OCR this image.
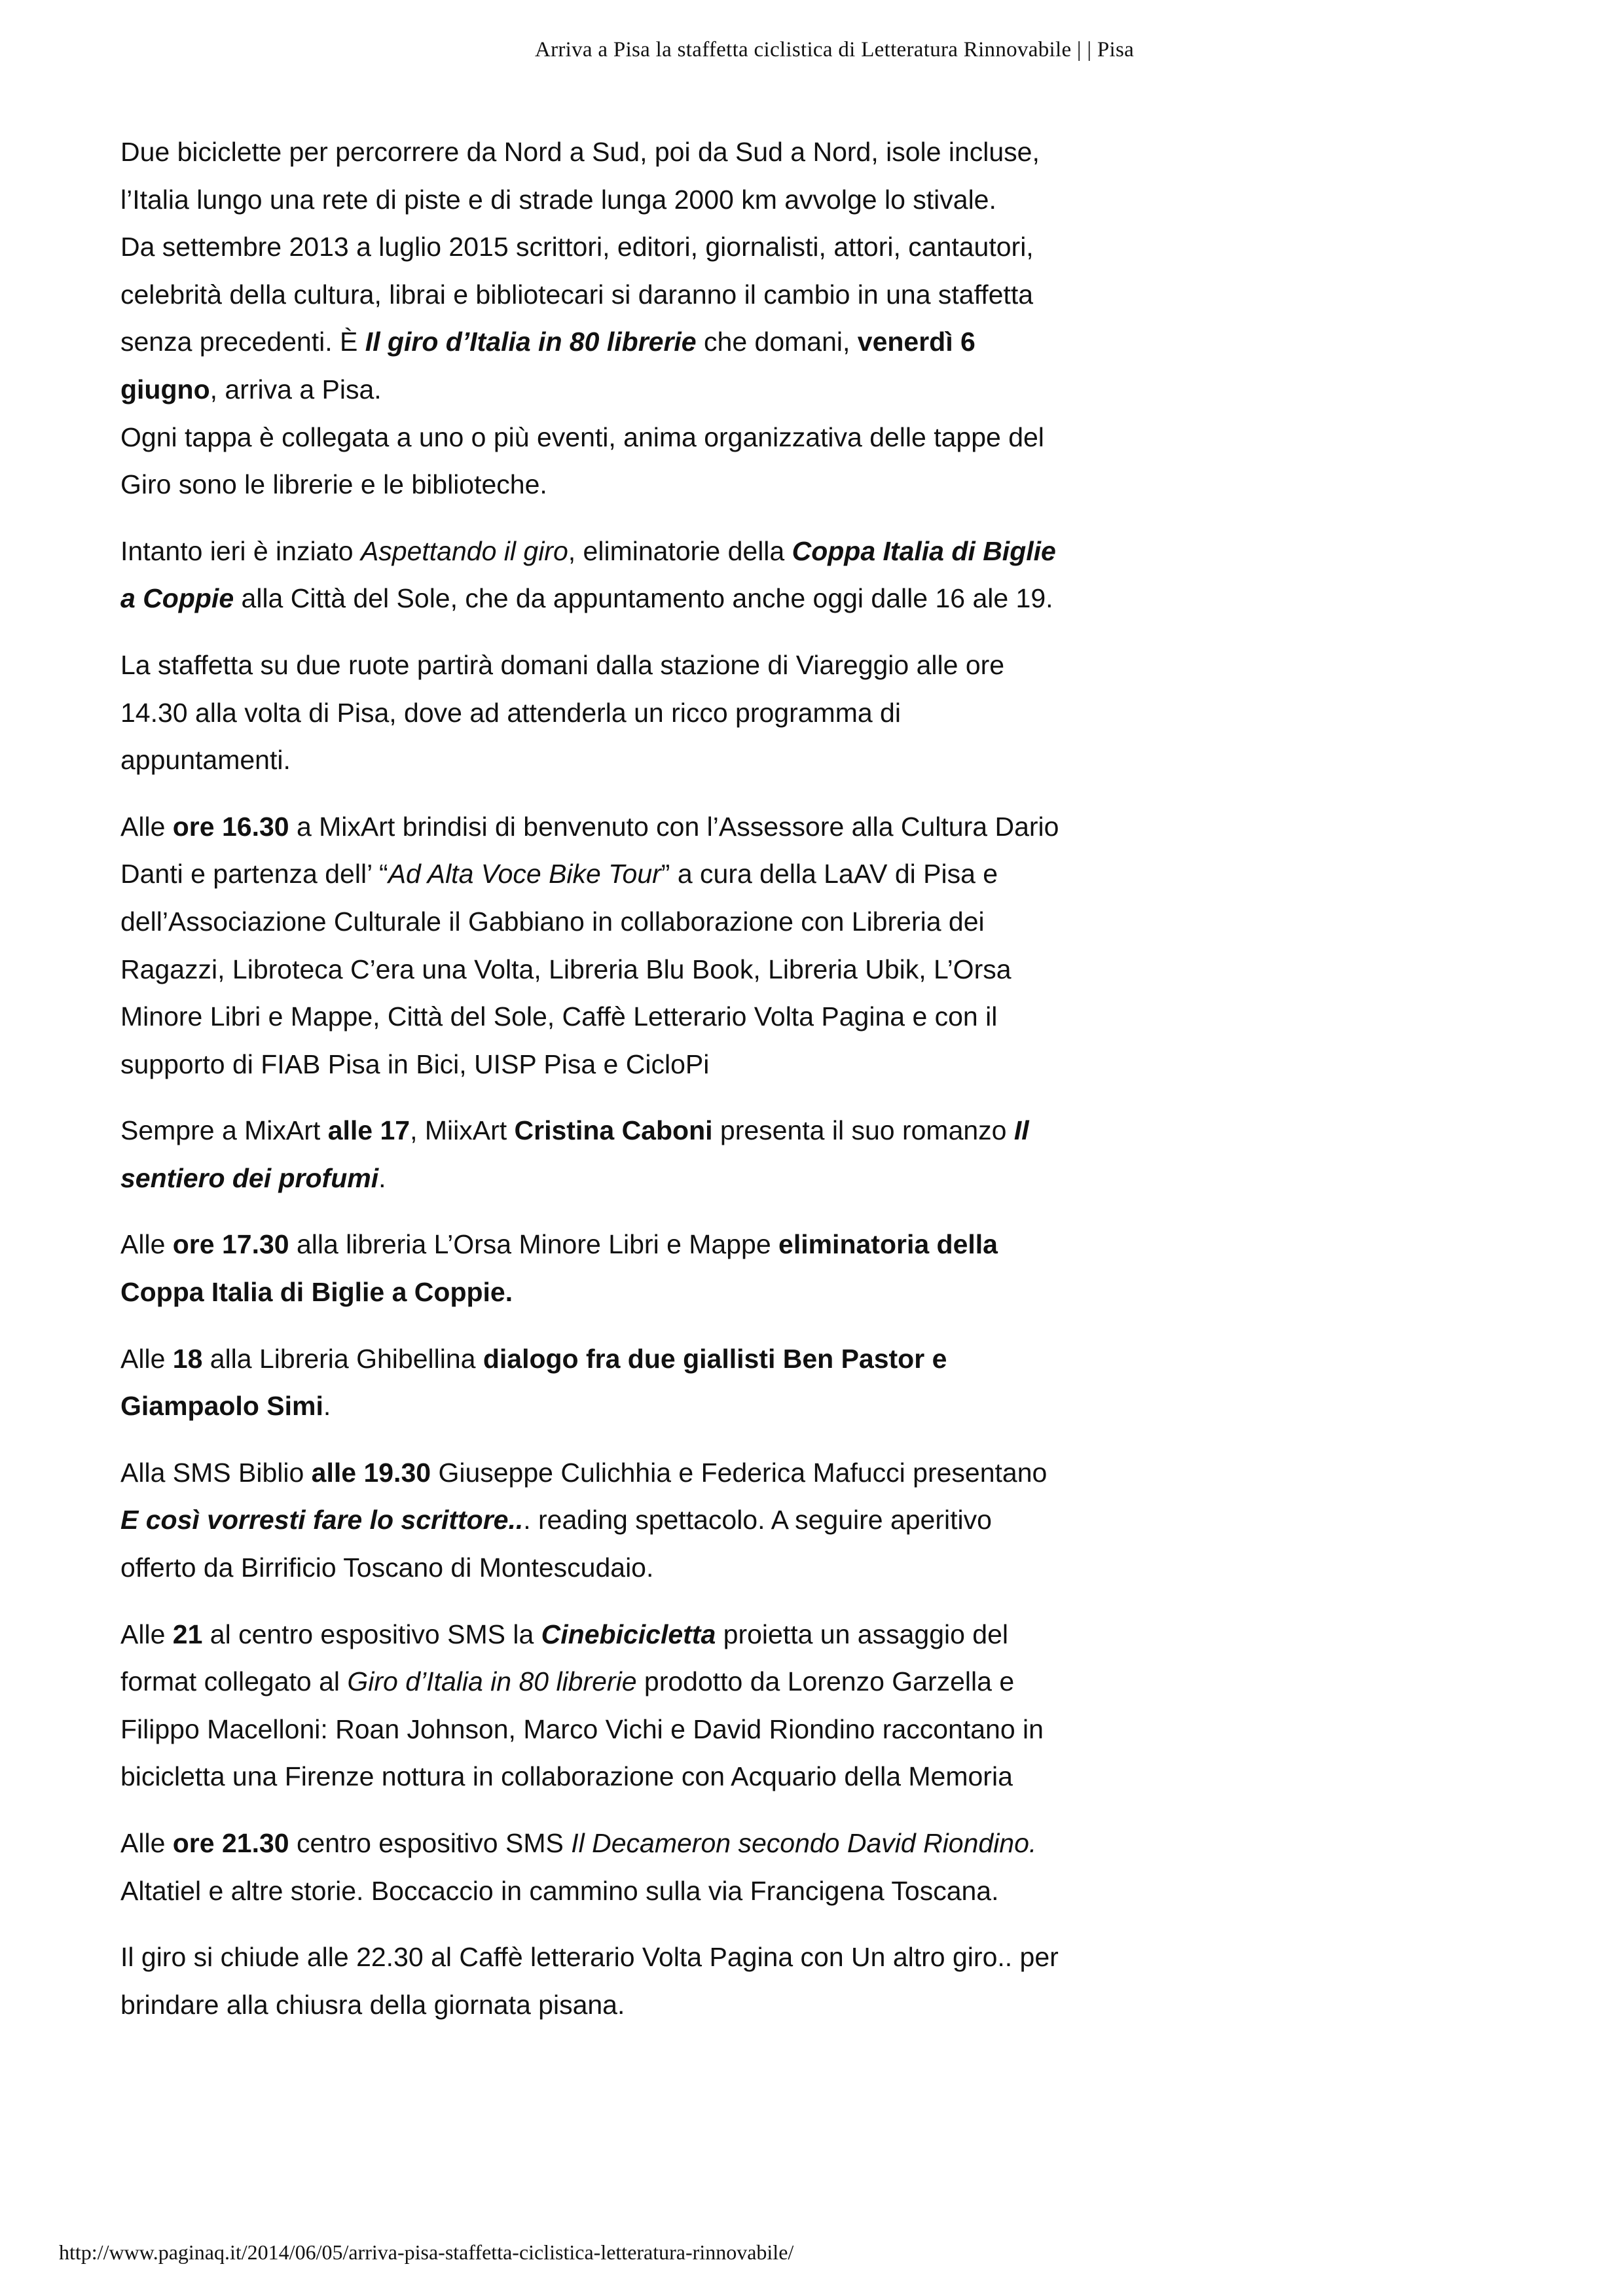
Arriva a Pisa la staffetta ciclistica di Letteratura Rinnovabile | | Pisa

Due biciclette per percorrere da Nord a Sud, poi da Sud a Nord, isole incluse, l’Italia lungo una rete di piste e di strade lunga 2000 km avvolge lo stivale.
Da settembre 2013 a luglio 2015 scrittori, editori, giornalisti, attori, cantautori, celebrità della cultura, librai e bibliotecari si daranno il cambio in una staffetta senza precedenti. È Il giro d’Italia in 80 librerie che domani, venerdì 6 giugno, arriva a Pisa.
Ogni tappa è collegata a uno o più eventi, anima organizzativa delle tappe del Giro sono le librerie e le biblioteche.

Intanto ieri è inziato Aspettando il giro, eliminatorie della Coppa Italia di Biglie a Coppie alla Città del Sole, che da appuntamento anche oggi dalle 16 ale 19.

La staffetta su due ruote partirà domani dalla stazione di Viareggio alle ore 14.30 alla volta di Pisa, dove ad attenderla un ricco programma di appuntamenti.

Alle ore 16.30 a MixArt brindisi di benvenuto con l’Assessore alla Cultura Dario Danti e partenza dell’ “Ad Alta Voce Bike Tour” a cura della LaAV di Pisa e dell’Associazione Culturale il Gabbiano in collaborazione con Libreria dei Ragazzi, Libroteca C’era una Volta, Libreria Blu Book, Libreria Ubik, L’Orsa Minore Libri e Mappe, Città del Sole, Caffè Letterario Volta Pagina e con il supporto di FIAB Pisa in Bici, UISP Pisa e CicloPi

Sempre a MixArt alle 17, MiixArt Cristina Caboni presenta il suo romanzo Il sentiero dei profumi.

Alle ore 17.30 alla libreria L’Orsa Minore Libri e Mappe eliminatoria della Coppa Italia di Biglie a Coppie.

Alle 18 alla Libreria Ghibellina dialogo fra due giallisti Ben Pastor e Giampaolo Simi.

Alla SMS Biblio alle 19.30 Giuseppe Culichhia e Federica Mafucci presentano E così vorresti fare lo scrittore... reading spettacolo. A seguire aperitivo offerto da Birrificio Toscano di Montescudaio.

Alle 21 al centro espositivo SMS la Cinebicicletta proietta un assaggio del format collegato al Giro d’Italia in 80 librerie prodotto da Lorenzo Garzella e Filippo Macelloni: Roan Johnson, Marco Vichi e David Riondino raccontano in bicicletta una Firenze nottura in collaborazione con Acquario della Memoria

Alle ore 21.30 centro espositivo SMS Il Decameron secondo David Riondino. Altatiel e altre storie. Boccaccio in cammino sulla via Francigena Toscana.

Il giro si chiude alle 22.30 al Caffè letterario Volta Pagina con Un altro giro.. per brindare alla chiusra della giornata pisana.

http://www.paginaq.it/2014/06/05/arriva-pisa-staffetta-ciclistica-letteratura-rinnovabile/
